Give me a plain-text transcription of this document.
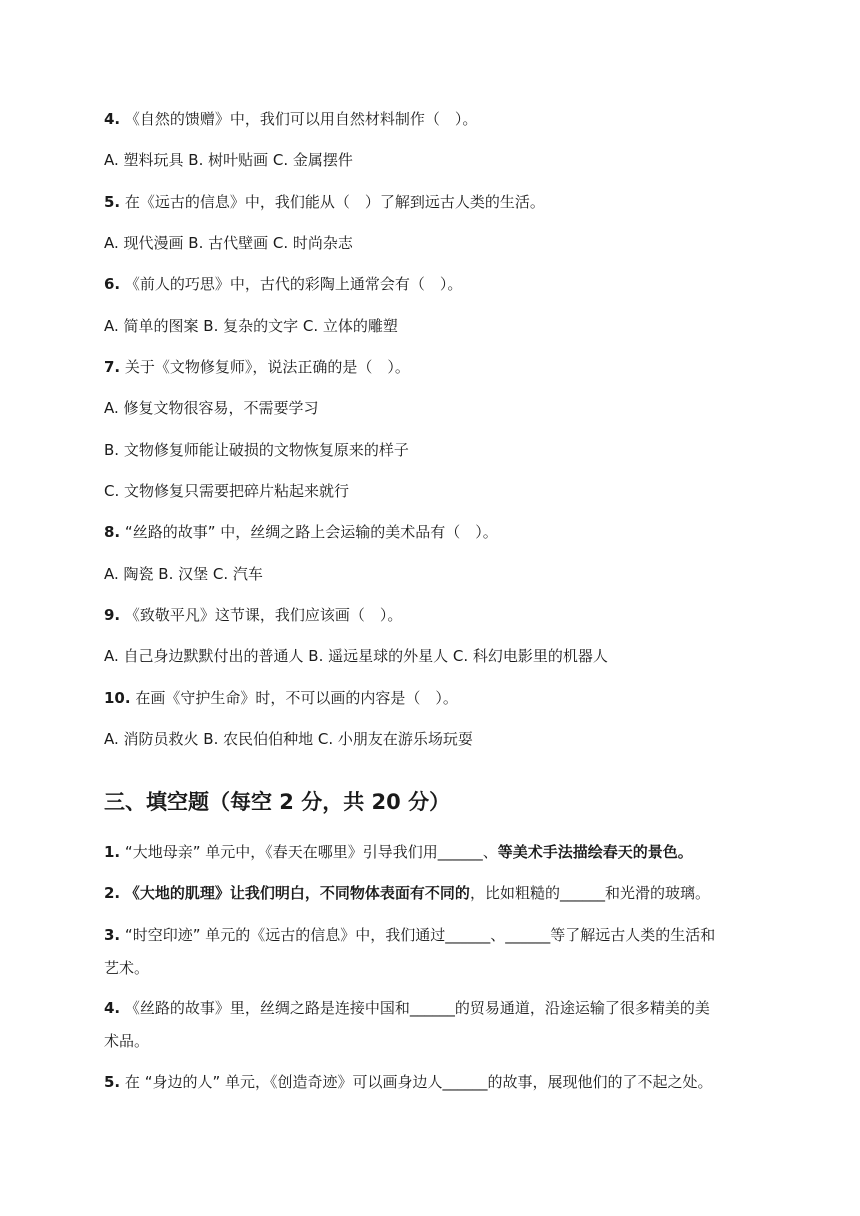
4. 《自然的馈赠》中，我们可以用自然材料制作（　）。
A. 塑料玩具 B. 树叶贴画 C. 金属摆件
5. 在《远古的信息》中，我们能从（　）了解到远古人类的生活。
A. 现代漫画 B. 古代壁画 C. 时尚杂志
6. 《前人的巧思》中，古代的彩陶上通常会有（　）。
A. 简单的图案 B. 复杂的文字 C. 立体的雕塑
7. 关于《文物修复师》，说法正确的是（　）。
A. 修复文物很容易，不需要学习
B. 文物修复师能让破损的文物恢复原来的样子
C. 文物修复只需要把碎片粘起来就行
8. “丝路的故事” 中，丝绸之路上会运输的美术品有（　）。
A. 陶瓷 B. 汉堡 C. 汽车
9. 《致敬平凡》这节课，我们应该画（　）。
A. 自己身边默默付出的普通人 B. 遥远星球的外星人 C. 科幻电影里的机器人
10. 在画《守护生命》时，不可以画的内容是（　）。
A. 消防员救火 B. 农民伯伯种地 C. 小朋友在游乐场玩耍
三、填空题（每空 2 分，共 20 分）
1. “大地母亲” 单元中，《春天在哪里》引导我们用______、等美术手法描绘春天的景色。
2. 《大地的肌理》让我们明白，不同物体表面有不同的，比如粗糙的______和光滑的玻璃。
3. “时空印迹” 单元的《远古的信息》中，我们通过______、______等了解远古人类的生活和
艺术。
4. 《丝路的故事》里，丝绸之路是连接中国和______的贸易通道，沿途运输了很多精美的美
术品。
5. 在 “身边的人” 单元，《创造奇迹》可以画身边人______的故事，展现他们的了不起之处。
